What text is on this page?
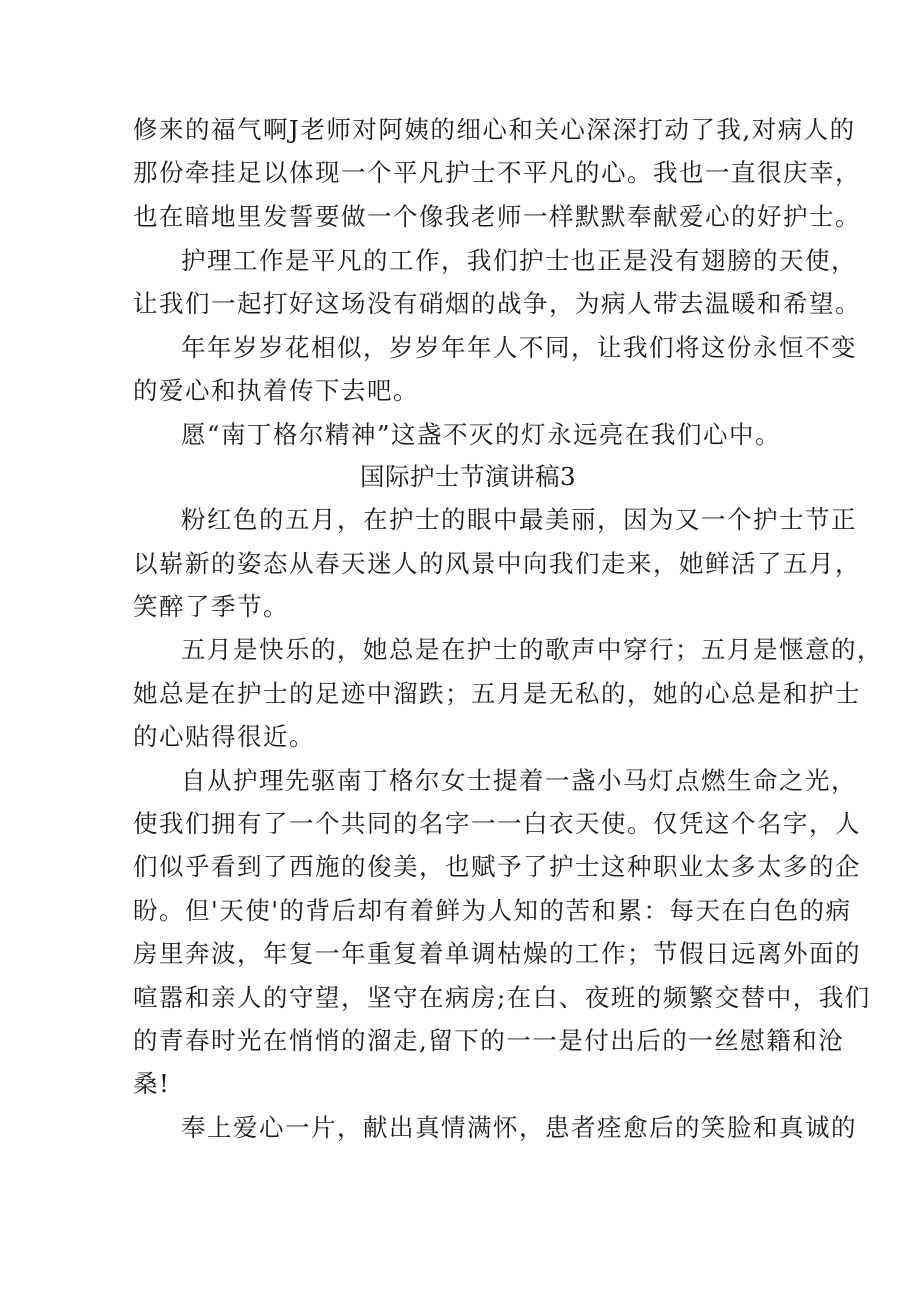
修来的福气啊J老师对阿姨的细心和关心深深打动了我,对病人的
那份牵挂足以体现一个平凡护士不平凡的心。我也一直很庆幸，
也在暗地里发誓要做一个像我老师一样默默奉献爱心的好护士。
护理工作是平凡的工作，我们护士也正是没有翅膀的天使，
让我们一起打好这场没有硝烟的战争，为病人带去温暖和希望。
年年岁岁花相似，岁岁年年人不同，让我们将这份永恒不变
的爱心和执着传下去吧。
愿“南丁格尔精神”这盏不灭的灯永远亮在我们心中。
国际护士节演讲稿3
粉红色的五月，在护士的眼中最美丽，因为又一个护士节正
以崭新的姿态从春天迷人的风景中向我们走来，她鲜活了五月，
笑醉了季节。
五月是快乐的，她总是在护士的歌声中穿行；五月是惬意的，
她总是在护士的足迹中溜跌；五月是无私的，她的心总是和护士
的心贴得很近。
自从护理先驱南丁格尔女士提着一盏小马灯点燃生命之光，
使我们拥有了一个共同的名字一一白衣天使。仅凭这个名字，人
们似乎看到了西施的俊美，也赋予了护士这种职业太多太多的企
盼。但'天使'的背后却有着鲜为人知的苦和累：每天在白色的病
房里奔波，年复一年重复着单调枯燥的工作；节假日远离外面的
喧嚣和亲人的守望，坚守在病房;在白、夜班的频繁交替中，我们
的青春时光在悄悄的溜走,留下的一一是付出后的一丝慰籍和沧
桑!
奉上爱心一片，献出真情满怀，患者痊愈后的笑脸和真诚的
